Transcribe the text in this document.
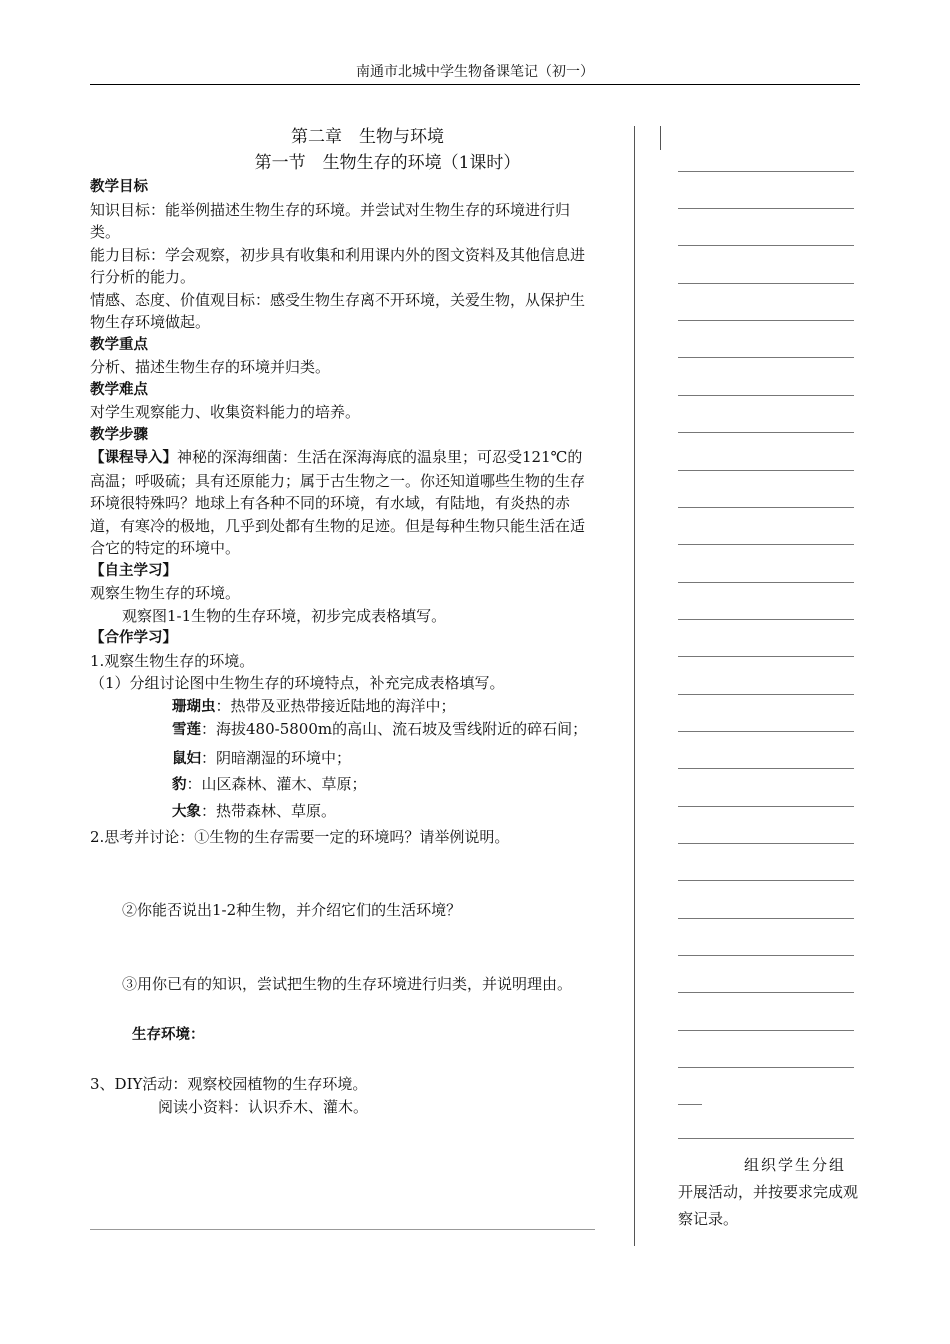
南通市北城中学生物备课笔记（初一）

第二章　生物与环境

第一节　生物生存的环境（1课时）

教学目标

知识目标：能举例描述生物生存的环境。并尝试对生物生存的环境进行归类。

能力目标：学会观察，初步具有收集和利用课内外的图文资料及其他信息进行分析的能力。

情感、态度、价值观目标：感受生物生存离不开环境，关爱生物，从保护生物生存环境做起。

教学重点

分析、描述生物生存的环境并归类。

教学难点

对学生观察能力、收集资料能力的培养。

教学步骤

【课程导入】神秘的深海细菌：生活在深海海底的温泉里；可忍受121℃的高温；呼吸硫；具有还原能力；属于古生物之一。你还知道哪些生物的生存环境很特殊吗？地球上有各种不同的环境，有水域，有陆地，有炎热的赤道，有寒冷的极地，几乎到处都有生物的足迹。但是每种生物只能生活在适合它的特定的环境中。

【自主学习】

观察生物生存的环境。

观察图1-1生物的生存环境，初步完成表格填写。

【合作学习】

1.观察生物生存的环境。

（1）分组讨论图中生物生存的环境特点，补充完成表格填写。

珊瑚虫：热带及亚热带接近陆地的海洋中；

雪莲：海拔480-5800m的高山、流石坡及雪线附近的碎石间；

鼠妇：阴暗潮湿的环境中；

豹：山区森林、灌木、草原；

大象：热带森林、草原。

2.思考并讨论：①生物的生存需要一定的环境吗？请举例说明。

②你能否说出1-2种生物，并介绍它们的生活环境？

③用你已有的知识，尝试把生物的生存环境进行归类，并说明理由。

生存环境：

3、DIY活动：观察校园植物的生存环境。

阅读小资料：认识乔木、灌木。

组织学生分组
开展活动，并按要求完成观察记录。
